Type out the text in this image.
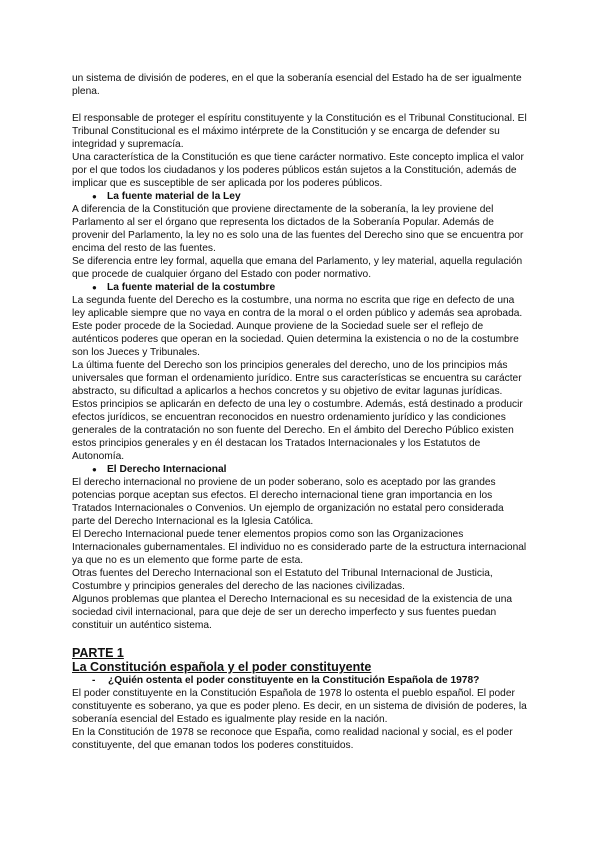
un sistema de división de poderes, en el que la soberanía esencial del Estado ha de ser igualmente plena.

El responsable de proteger el espíritu constituyente y la Constitución es el Tribunal Constitucional. El Tribunal Constitucional es el máximo intérprete de la Constitución y se encarga de defender su integridad y supremacía.

Una característica de la Constitución es que tiene carácter normativo. Este concepto implica el valor por el que todos los ciudadanos y los poderes públicos están sujetos a la Constitución, además de implicar que es susceptible de ser aplicada por los poderes públicos.

● La fuente material de la Ley

A diferencia de la Constitución que proviene directamente de la soberanía, la ley proviene del Parlamento al ser el órgano que representa los dictados de la Soberanía Popular. Además de provenir del Parlamento, la ley no es solo una de las fuentes del Derecho sino que se encuentra por encima del resto de las fuentes.

Se diferencia entre ley formal, aquella que emana del Parlamento, y ley material, aquella regulación que procede de cualquier órgano del Estado con poder normativo.

● La fuente material de la costumbre

La segunda fuente del Derecho es la costumbre, una norma no escrita que rige en defecto de una ley aplicable siempre que no vaya en contra de la moral o el orden público y además sea aprobada. Este poder procede de la Sociedad. Aunque proviene de la Sociedad suele ser el reflejo de auténticos poderes que operan en la sociedad. Quien determina la existencia o no de la costumbre son los Jueces y Tribunales.

La última fuente del Derecho son los principios generales del derecho, uno de los principios más universales que forman el ordenamiento jurídico. Entre sus características se encuentra su carácter abstracto, su dificultad a aplicarlos a hechos concretos y su objetivo de evitar lagunas jurídicas. Estos principios se aplicarán en defecto de una ley o costumbre. Además, está destinado a producir efectos jurídicos, se encuentran reconocidos en nuestro ordenamiento jurídico y las condiciones generales de la contratación no son fuente del Derecho. En el ámbito del Derecho Público existen estos principios generales y en él destacan los Tratados Internacionales y los Estatutos de Autonomía.

● El Derecho Internacional

El derecho internacional no proviene de un poder soberano, solo es aceptado por las grandes potencias porque aceptan sus efectos. El derecho internacional tiene gran importancia en los Tratados Internacionales o Convenios. Un ejemplo de organización no estatal pero considerada parte del Derecho Internacional es la Iglesia Católica.

El Derecho Internacional puede tener elementos propios como son las Organizaciones Internacionales gubernamentales. El individuo no es considerado parte de la estructura internacional ya que no es un elemento que forme parte de esta.

Otras fuentes del Derecho Internacional son el Estatuto del Tribunal Internacional de Justicia, Costumbre y principios generales del derecho de las naciones civilizadas.

Algunos problemas que plantea el Derecho Internacional es su necesidad de la existencia de una sociedad civil internacional, para que deje de ser un derecho imperfecto y sus fuentes puedan constituir un auténtico sistema.

PARTE 1
La Constitución española y el poder constituyente
-	¿Quién ostenta el poder constituyente en la Constitución Española de 1978?

El poder constituyente en la Constitución Española de 1978 lo ostenta el pueblo español. El poder constituyente es soberano, ya que es poder pleno. Es decir, en un sistema de división de poderes, la soberanía esencial del Estado es igualmente play reside en la nación.

En la Constitución de 1978 se reconoce que España, como realidad nacional y social, es el poder constituyente, del que emanan todos los poderes constituidos.
